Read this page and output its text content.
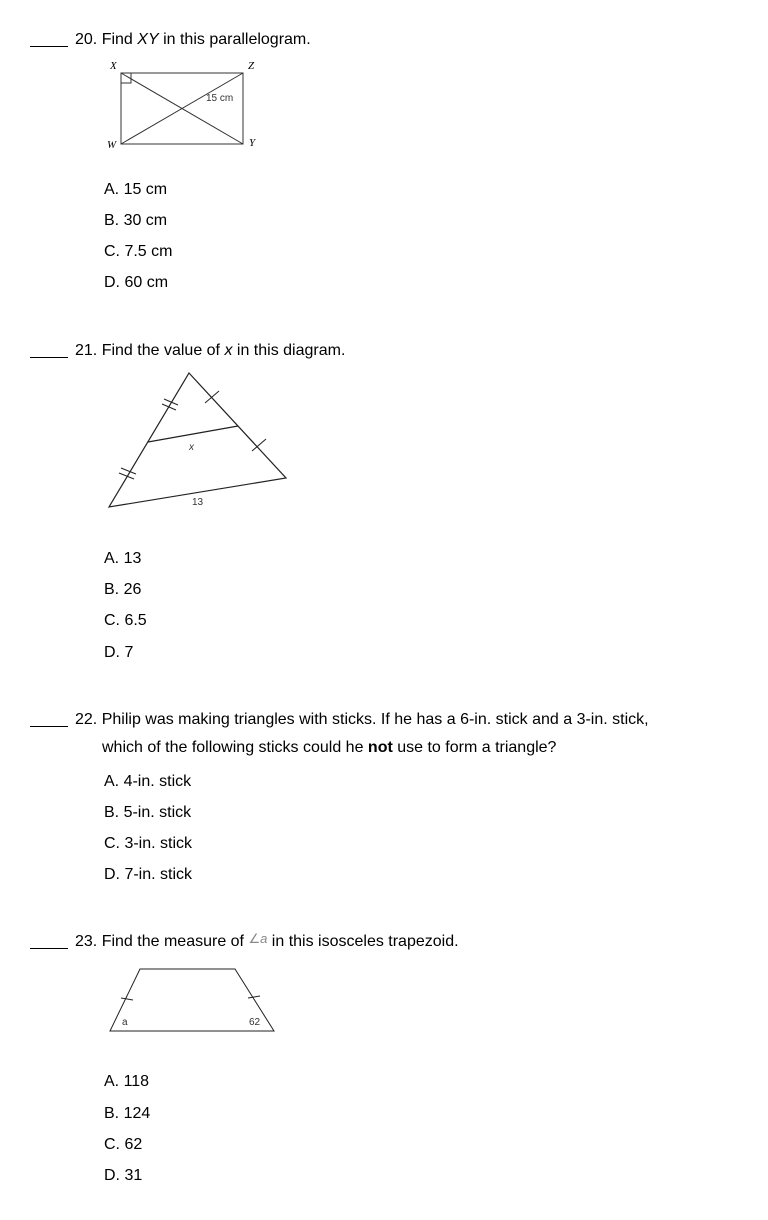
20. Find XY in this parallelogram.
X	Z
W	Y
15 cm
A. 15 cm
B. 30 cm
C. 7.5 cm
D. 60 cm
21. Find the value of x in this diagram.
x
13
A. 13
B. 26
C. 6.5
D. 7
22. Philip was making triangles with sticks. If he has a 6-in. stick and a 3-in. stick,
which of the following sticks could he not use to form a triangle?
A. 4-in. stick
B. 5-in. stick
C. 3-in. stick
D. 7-in. stick
23. Find the measure of ∠a in this isosceles trapezoid.
a	62
A. 118
B. 124
C. 62
D. 31
